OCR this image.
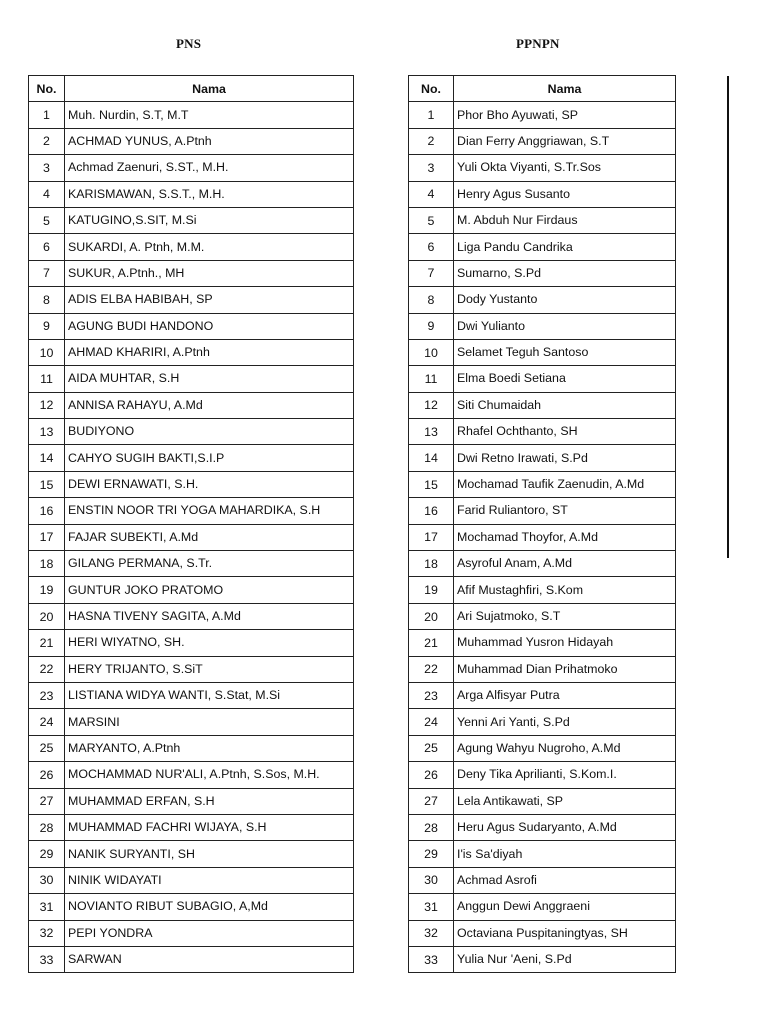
PNS	PPNPN
No.	Nama
1	Muh. Nurdin, S.T, M.T
2	ACHMAD YUNUS, A.Ptnh
3	Achmad Zaenuri, S.ST., M.H.
4	KARISMAWAN, S.S.T., M.H.
5	KATUGINO,S.SIT, M.Si
6	SUKARDI, A. Ptnh, M.M.
7	SUKUR, A.Ptnh., MH
8	ADIS ELBA HABIBAH, SP
9	AGUNG BUDI HANDONO
10	AHMAD KHARIRI, A.Ptnh
11	AIDA MUHTAR, S.H
12	ANNISA RAHAYU, A.Md
13	BUDIYONO
14	CAHYO SUGIH BAKTI,S.I.P
15	DEWI ERNAWATI, S.H.
16	ENSTIN NOOR TRI YOGA MAHARDIKA, S.H
17	FAJAR SUBEKTI, A.Md
18	GILANG PERMANA, S.Tr.
19	GUNTUR JOKO PRATOMO
20	HASNA TIVENY SAGITA, A.Md
21	HERI WIYATNO, SH.
22	HERY TRIJANTO, S.SiT
23	LISTIANA WIDYA WANTI, S.Stat, M.Si
24	MARSINI
25	MARYANTO, A.Ptnh
26	MOCHAMMAD NUR'ALI, A.Ptnh, S.Sos, M.H.
27	MUHAMMAD ERFAN, S.H
28	MUHAMMAD FACHRI WIJAYA, S.H
29	NANIK SURYANTI, SH
30	NINIK WIDAYATI
31	NOVIANTO RIBUT SUBAGIO, A,Md
32	PEPI YONDRA
33	SARWAN
No.	Nama
1	Phor Bho Ayuwati, SP
2	Dian Ferry Anggriawan, S.T
3	Yuli Okta Viyanti, S.Tr.Sos
4	Henry Agus Susanto
5	M. Abduh Nur Firdaus
6	Liga Pandu Candrika
7	Sumarno, S.Pd
8	Dody Yustanto
9	Dwi Yulianto
10	Selamet Teguh Santoso
11	Elma Boedi Setiana
12	Siti Chumaidah
13	Rhafel Ochthanto, SH
14	Dwi Retno Irawati, S.Pd
15	Mochamad Taufik Zaenudin, A.Md
16	Farid Ruliantoro, ST
17	Mochamad Thoyfor, A.Md
18	Asyroful Anam, A.Md
19	Afif Mustaghfiri, S.Kom
20	Ari Sujatmoko, S.T
21	Muhammad Yusron Hidayah
22	Muhammad Dian Prihatmoko
23	Arga Alfisyar Putra
24	Yenni Ari Yanti, S.Pd
25	Agung Wahyu Nugroho, A.Md
26	Deny Tika Aprilianti, S.Kom.I.
27	Lela Antikawati, SP
28	Heru Agus Sudaryanto, A.Md
29	I'is Sa'diyah
30	Achmad Asrofi
31	Anggun Dewi Anggraeni
32	Octaviana Puspitaningtyas, SH
33	Yulia Nur 'Aeni, S.Pd
